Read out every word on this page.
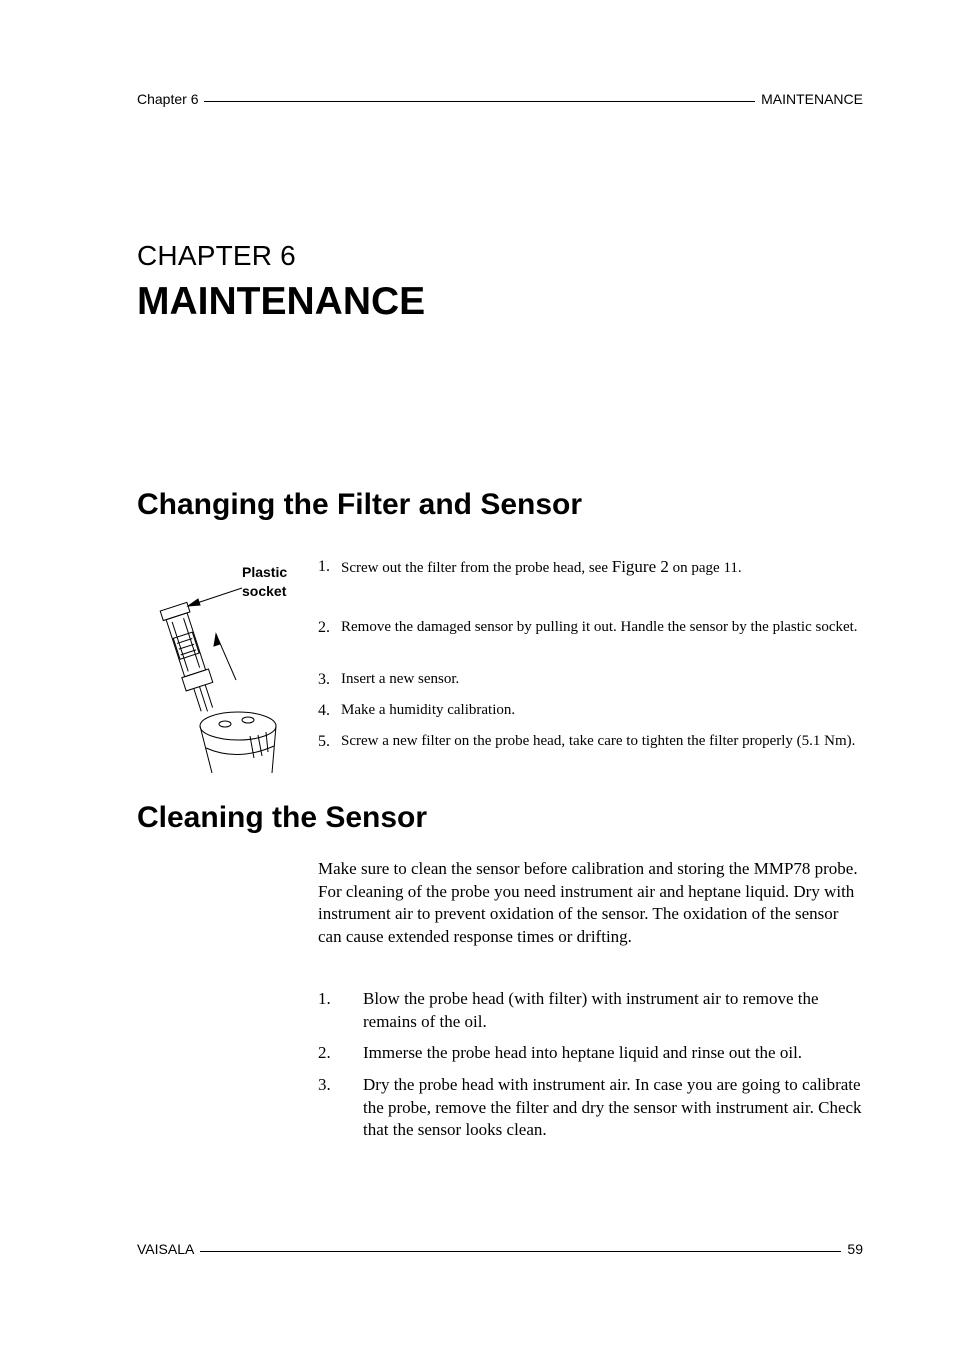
Chapter 6	MAINTENANCE
CHAPTER 6
MAINTENANCE
Changing the Filter and Sensor
Plastic
socket
1. Screw out the filter from the probe head, see Figure 2 on page 11.
2. Remove the damaged sensor by pulling it out. Handle the sensor by the plastic socket.
3. Insert a new sensor.
4. Make a humidity calibration.
5. Screw a new filter on the probe head, take care to tighten the filter properly (5.1 Nm).
Cleaning the Sensor

Make sure to clean the sensor before calibration and storing the MMP78 probe. For cleaning of the probe you need instrument air and heptane liquid. Dry with instrument air to prevent oxidation of the sensor. The oxidation of the sensor can cause extended response times or drifting.

1.	Blow the probe head (with filter) with instrument air to remove the remains of the oil.
2.	Immerse the probe head into heptane liquid and rinse out the oil.
3.	Dry the probe head with instrument air. In case you are going to calibrate the probe, remove the filter and dry the sensor with instrument air. Check that the sensor looks clean.
VAISALA	59
